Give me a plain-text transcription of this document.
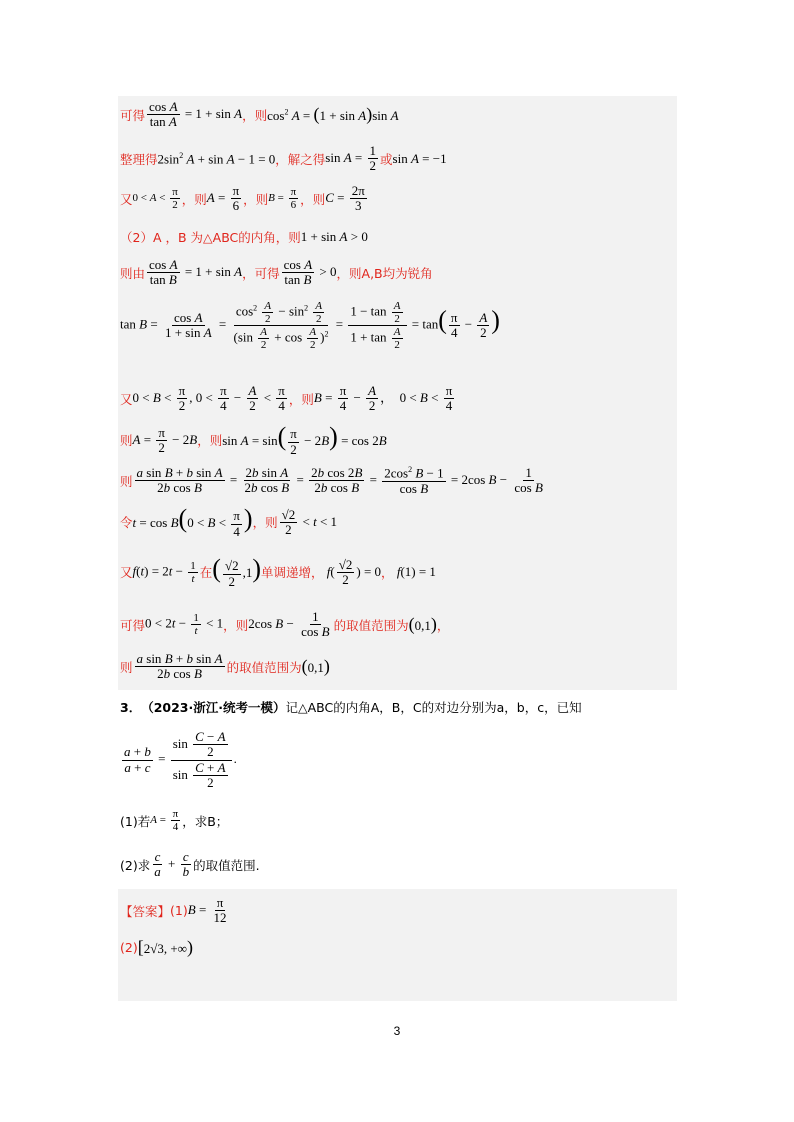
可得 $\frac{\text{cos A}}{\text{tan A}} = 1 + \sin A$ ，则 $\cos^2 A = (1 + \sin A)\sin$ A
整理得 $2\sin^2$ A + sin A − 1 = 0 ，解之得 $\sin A = \frac{1}{2}$ 或 sin A = −1
又 $0 < A < \frac{\pi}{2}$ ，则 $A = \frac{\pi}{6}$ ，则 $B = \frac{\pi}{6}$ ，则 $C = \frac{2\pi}{3}$
（2）A ，B 为△ABC的内角，则 1 + sin A > 0
则由 $\frac{\text{cos A}}{\text{tan B}} = 1 + \sin A$ ，可得 $\frac{\text{cos A}}{\text{tan B}} > 0$ ，则A,B均为锐角
$\tan B = \frac{\text{cos A}}{\text{1 + sin A}} = \frac{\cos^2 \frac{A}{2} - \sin^2 \frac{A}{2}}{(\sin \frac{A}{2} + \cos \frac{A}{2} )^2} = \frac{1 - \tan \frac{A}{2}}{1 + \tan \frac{A}{2}} = \tan( \frac{\pi}{4} - \frac{A}{2}$ )
又 $0 < B < \frac{\pi}{2}$ , $0 < \frac{\pi}{4} - \frac{A}{2} < \frac{\pi}{4}$ ，则 $B = \frac{\pi}{4} - \frac{A}{2}$ ，  $0 < B < \frac{\pi}{4}$
则 $A = \frac{\pi}{2} - 2B$ ，则 $\sin A = \sin( \frac{\pi}{2} - 2B) = \cos 2B$
则 $\frac{\text{a sin B + b sin A}}{\text{2b cos B}} = \frac{\text{2b sin A}}{\text{2b cos B}} = \frac{\text{2b cos 2B}}{\text{2b cos B}} = \frac{2\cos^2 B - 1}{\text{cos B}} = 2\cos$ $B - \frac{1}{\text{cos B}}$
令 $t = \cos B(0 < B < \frac{\pi}{4}$ ) ，则 $\frac{√2}{2} < t < 1$
又 $f(t) = 2t - \frac{1}{t}$ 在 ( $\frac{√2}{2} ,1$) 单调递增， $f( \frac{√2}{2}$ ) = 0 ， f(1) = 1
可得 $0 < 2t - \frac{1}{t} < 1$ ，则 2cos $B - \frac{1}{\text{cos B}}$ 的取值范围为 (0,1) ，
则 $\frac{\text{a sin B + b sin A}}{\text{2b cos B}}$ 的取值范围为 (0,1)
3． （2023·浙江·统考一模） 记△ABC的内角A，B，C的对边分别为a，b，c，已知
$\frac{a + b}{a + c} = \frac{\sin \frac{C - A}{2}}{\sin \frac{C + A}{2}}$ .
(1)若 $A = \frac{\pi}{4}$ ，求B；
(2)求 $\frac{c}{a} + \frac{c}{b}$ 的取值范围.
【答案】 (1) $B = \frac{\pi}{12}$
(2) [2√3, +∞)
3
